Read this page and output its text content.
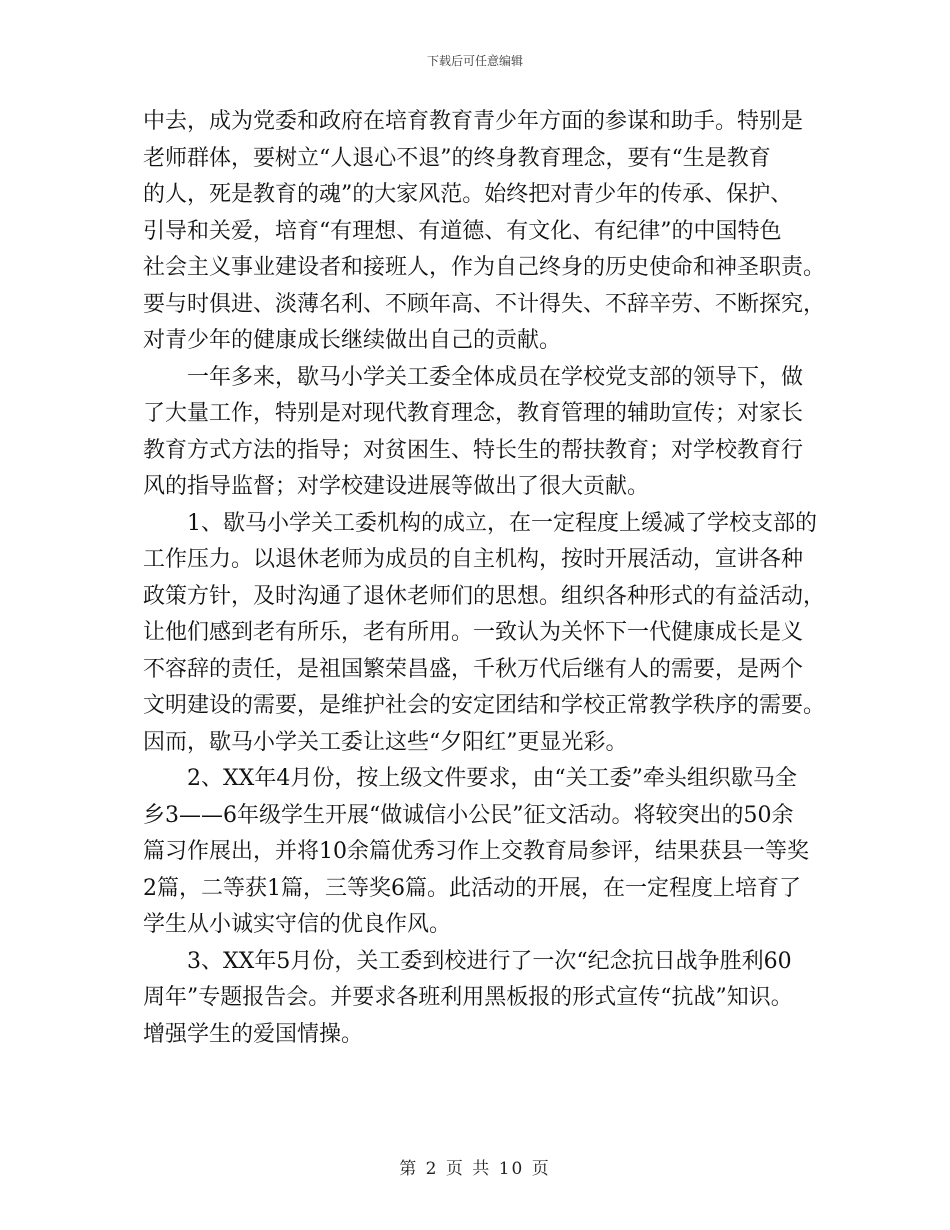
下载后可任意编辑

中去，成为党委和政府在培育教育青少年方面的参谋和助手。特别是

老师群体，要树立“人退心不退”的终身教育理念，要有“生是教育

的人，死是教育的魂”的大家风范。始终把对青少年的传承、保护、

引导和关爱，培育“有理想、有道德、有文化、有纪律”的中国特色

社会主义事业建设者和接班人，作为自己终身的历史使命和神圣职责。

要与时俱进、淡薄名利、不顾年高、不计得失、不辞辛劳、不断探究，

对青少年的健康成长继续做出自己的贡献。

一年多来，歇马小学关工委全体成员在学校党支部的领导下，做

了大量工作，特别是对现代教育理念，教育管理的辅助宣传；对家长

教育方式方法的指导；对贫困生、特长生的帮扶教育；对学校教育行

风的指导监督；对学校建设进展等做出了很大贡献。

1、歇马小学关工委机构的成立，在一定程度上缓减了学校支部的

工作压力。以退休老师为成员的自主机构，按时开展活动，宣讲各种

政策方针，及时沟通了退休老师们的思想。组织各种形式的有益活动，

让他们感到老有所乐，老有所用。一致认为关怀下一代健康成长是义

不容辞的责任，是祖国繁荣昌盛，千秋万代后继有人的需要，是两个

文明建设的需要，是维护社会的安定团结和学校正常教学秩序的需要。

因而，歇马小学关工委让这些“夕阳红”更显光彩。

2、XX年4月份，按上级文件要求，由“关工委”牵头组织歇马全

乡3——6年级学生开展“做诚信小公民”征文活动。将较突出的50余

篇习作展出，并将10余篇优秀习作上交教育局参评，结果获县一等奖

2篇，二等获1篇，三等奖6篇。此活动的开展，在一定程度上培育了

学生从小诚实守信的优良作风。

3、XX年5月份，关工委到校进行了一次“纪念抗日战争胜利60

周年”专题报告会。并要求各班利用黑板报的形式宣传“抗战”知识。

增强学生的爱国情操。

第 2 页 共 10 页
